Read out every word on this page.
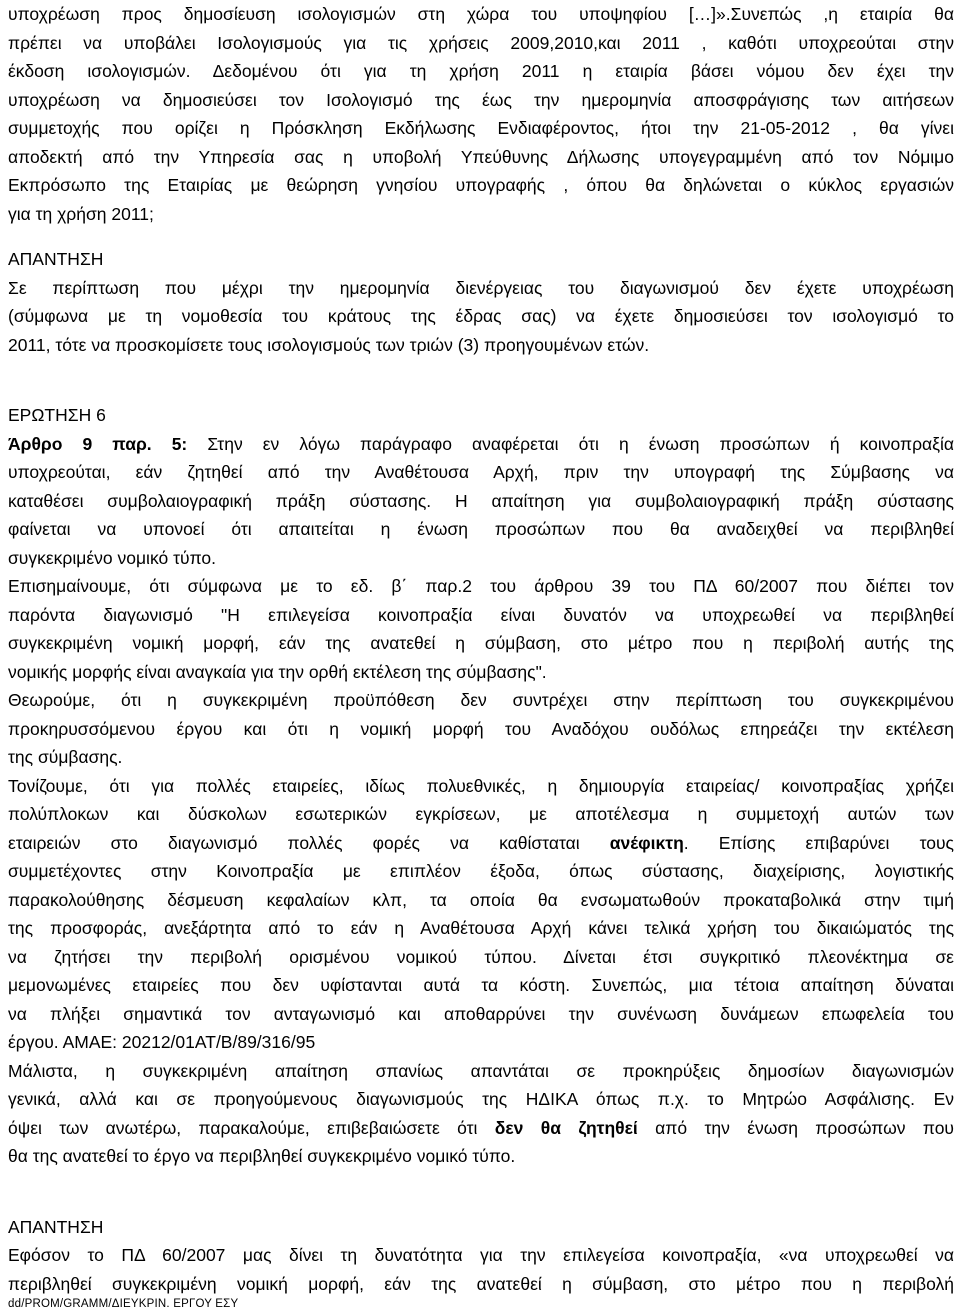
υποχρέωση προς δημοσίευση ισολογισμών στη χώρα του υποψηφίου […]».Συνεπώς ,η εταιρία θα
πρέπει να υποβάλει Ισολογισμούς για τις χρήσεις 2009,2010,και 2011 , καθότι υποχρεούται στην
έκδοση ισολογισμών. Δεδομένου ότι για τη χρήση 2011 η εταιρία βάσει νόμου δεν έχει την
υποχρέωση να δημοσιεύσει τον Ισολογισμό της έως την ημερομηνία αποσφράγισης των αιτήσεων
συμμετοχής που ορίζει η Πρόσκληση Εκδήλωσης Ενδιαφέροντος, ήτοι την 21-05-2012 , θα γίνει
αποδεκτή από την Υπηρεσία σας η υποβολή Υπεύθυνης Δήλωσης υπογεγραμμένη από τον Νόμιμο
Εκπρόσωπο της Εταιρίας με θεώρηση γνησίου υπογραφής , όπου θα δηλώνεται ο κύκλος εργασιών
για τη χρήση 2011;
ΑΠΑΝΤΗΣΗ
Σε περίπτωση που μέχρι την ημερομηνία διενέργειας του διαγωνισμού δεν έχετε υποχρέωση
(σύμφωνα με τη νομοθεσία του κράτους της έδρας σας) να έχετε δημοσιεύσει τον ισολογισμό το
2011, τότε να προσκομίσετε τους ισολογισμούς των τριών (3) προηγουμένων ετών.
ΕΡΩΤΗΣΗ 6
Άρθρο 9 παρ. 5: Στην εν λόγω παράγραφο αναφέρεται ότι η ένωση προσώπων ή κοινοπραξία
υποχρεούται, εάν ζητηθεί από την Αναθέτουσα Αρχή, πριν την υπογραφή της Σύμβασης να
καταθέσει συμβολαιογραφική πράξη σύστασης. Η απαίτηση για συμβολαιογραφική πράξη σύστασης
φαίνεται να υπονοεί ότι απαιτείται η ένωση προσώπων που θα αναδειχθεί να περιβληθεί
συγκεκριμένο νομικό τύπο.
Επισημαίνουμε, ότι σύμφωνα με το εδ. β΄ παρ.2 του άρθρου 39 του ΠΔ 60/2007 που διέπει τον
παρόντα διαγωνισμό "Η επιλεγείσα κοινοπραξία είναι δυνατόν να υποχρεωθεί να περιβληθεί
συγκεκριμένη νομική μορφή, εάν της ανατεθεί η σύμβαση, στο μέτρο που η περιβολή αυτής της
νομικής μορφής είναι αναγκαία για την ορθή εκτέλεση της σύμβασης".
Θεωρούμε, ότι η συγκεκριμένη προϋπόθεση δεν συντρέχει στην περίπτωση του συγκεκριμένου
προκηρυσσόμενου έργου και ότι η νομική μορφή του Αναδόχου ουδόλως επηρεάζει την εκτέλεση
της σύμβασης.
Τονίζουμε, ότι για πολλές εταιρείες, ιδίως πολυεθνικές, η δημιουργία εταιρείας/ κοινοπραξίας χρήζει
πολύπλοκων και δύσκολων εσωτερικών εγκρίσεων, με αποτέλεσμα η συμμετοχή αυτών των
εταιρειών στο διαγωνισμό πολλές φορές να καθίσταται ανέφικτη. Επίσης επιβαρύνει τους
συμμετέχοντες στην Κοινοπραξία με επιπλέον έξοδα, όπως σύστασης, διαχείρισης, λογιστικής
παρακολούθησης δέσμευση κεφαλαίων κλπ, τα οποία θα ενσωματωθούν προκαταβολικά στην τιμή
της προσφοράς, ανεξάρτητα από το εάν η Αναθέτουσα Αρχή κάνει τελικά χρήση του δικαιώματός της
να ζητήσει την περιβολή ορισμένου νομικού τύπου. Δίνεται έτσι συγκριτικό πλεονέκτημα σε
μεμονωμένες εταιρείες που δεν υφίστανται αυτά τα κόστη. Συνεπώς, μια τέτοια απαίτηση δύναται
να πλήξει σημαντικά τον ανταγωνισμό και αποθαρρύνει την συνένωση δυνάμεων επωφελεία του
έργου. ΑΜΑΕ: 20212/01ΑΤ/Β/89/316/95
Μάλιστα, η συγκεκριμένη απαίτηση σπανίως απαντάται σε προκηρύξεις δημοσίων διαγωνισμών
γενικά, αλλά και σε προηγούμενους διαγωνισμούς της ΗΔΙΚΑ όπως π.χ. το Μητρώο Ασφάλισης. Εν
όψει των ανωτέρω, παρακαλούμε, επιβεβαιώσετε ότι δεν θα ζητηθεί από την ένωση προσώπων που
θα της ανατεθεί το έργο να περιβληθεί συγκεκριμένο νομικό τύπο.
ΑΠΑΝΤΗΣΗ
Εφόσον το ΠΔ 60/2007 μας δίνει τη δυνατότητα για την επιλεγείσα κοινοπραξία, «να υποχρεωθεί να
περιβληθεί συγκεκριμένη νομική μορφή, εάν της ανατεθεί η σύμβαση, στο μέτρο που η περιβολή
dd/PROM/GRAMM/ΔΙΕΥΚΡΙΝ. ΕΡΓΟΥ ΕΣΥ
